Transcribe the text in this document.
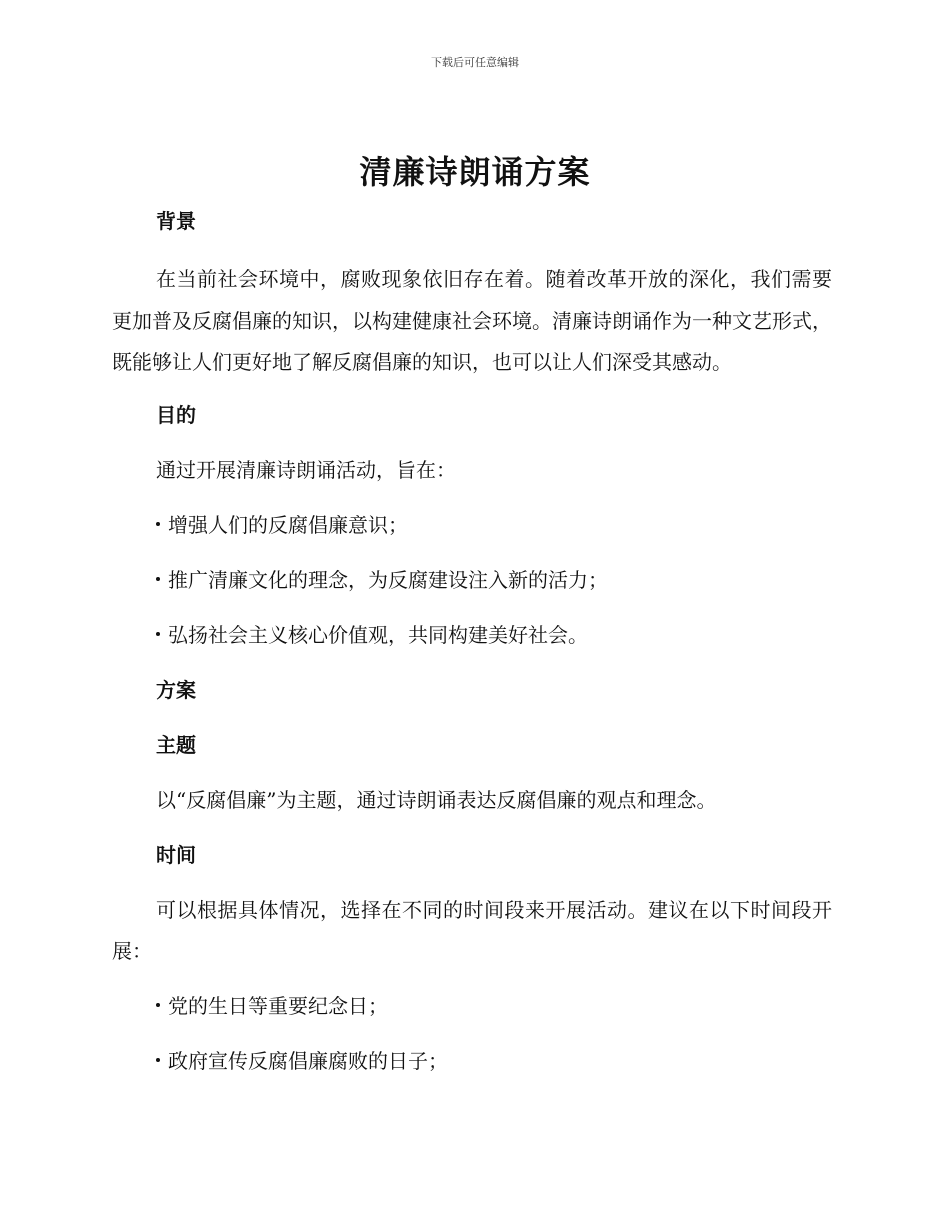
下载后可任意编辑
清廉诗朗诵方案
背景

在当前社会环境中，腐败现象依旧存在着。随着改革开放的深化，我们需要更加普及反腐倡廉的知识，以构建健康社会环境。清廉诗朗诵作为一种文艺形式，既能够让人们更好地了解反腐倡廉的知识，也可以让人们深受其感动。

目的
通过开展清廉诗朗诵活动，旨在：
增强人们的反腐倡廉意识；
推广清廉文化的理念，为反腐建设注入新的活力；
弘扬社会主义核心价值观，共同构建美好社会。
方案
主题
以“反腐倡廉”为主题，通过诗朗诵表达反腐倡廉的观点和理念。
时间

可以根据具体情况，选择在不同的时间段来开展活动。建议在以下时间段开展：

党的生日等重要纪念日；
政府宣传反腐倡廉腐败的日子；
